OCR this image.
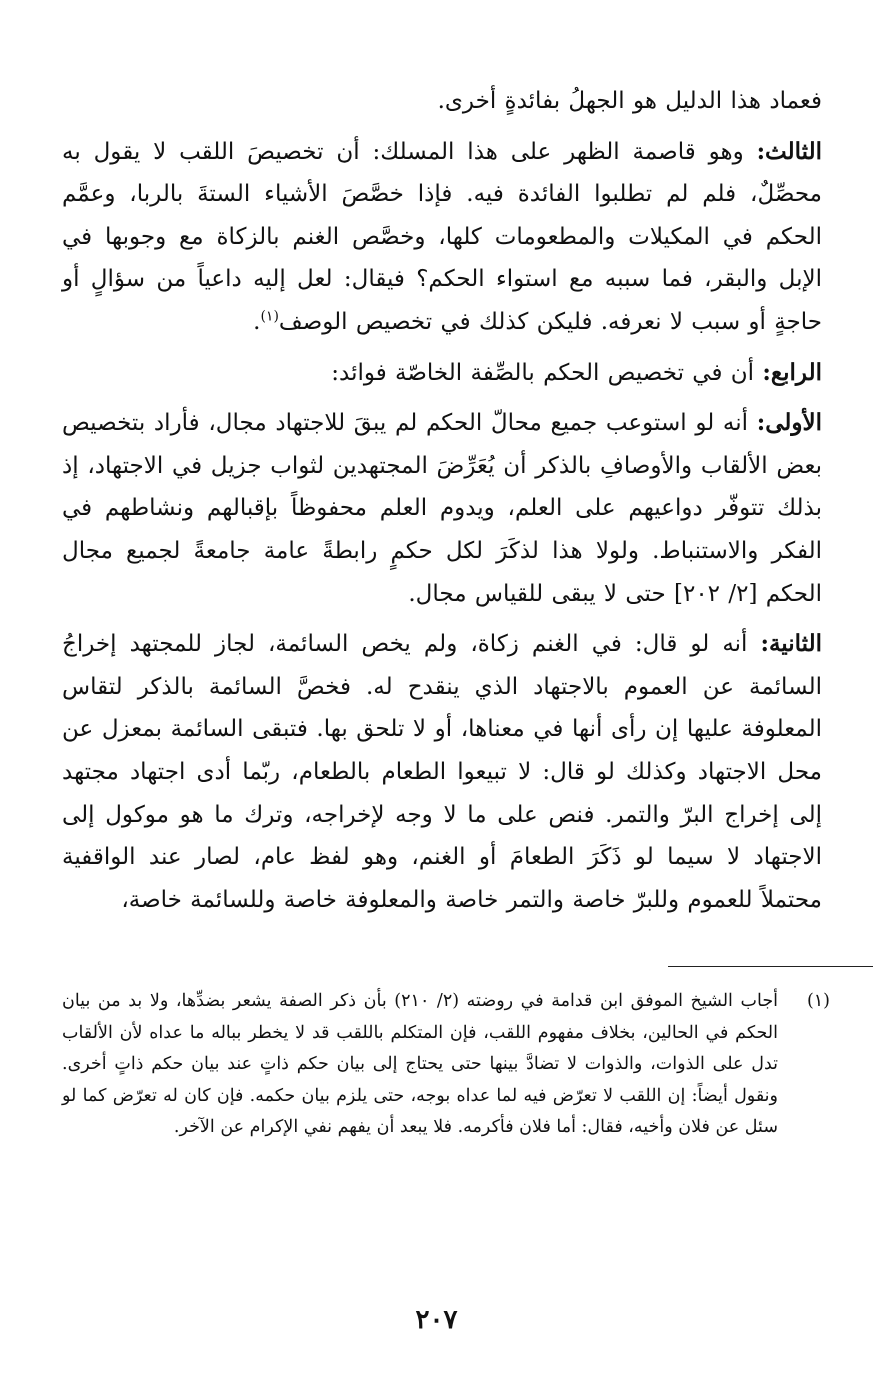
فعماد هذا الدليل هو الجهلُ بفائدةٍ أخرى.

الثالث: وهو قاصمة الظهر على هذا المسلك: أن تخصيصَ اللقب لا يقول به محصِّلٌ، فلم لم تطلبوا الفائدة فيه. فإذا خصَّصَ الأشياء الستةَ بالربا، وعمَّم الحكم في المكيلات والمطعومات كلها، وخصَّص الغنم بالزكاة مع وجوبها في الإبل والبقر، فما سببه مع استواء الحكم؟ فيقال: لعل إليه داعياً من سؤالٍ أو حاجةٍ أو سبب لا نعرفه. فليكن كذلك في تخصيص الوصف$^{(١)}$.

الرابع: أن في تخصيص الحكم بالصِّفة الخاصّة فوائد:

الأولى: أنه لو استوعب جميع محالّ الحكم لم يبقَ للاجتهاد مجال، فأراد بتخصيص بعض الألقاب والأوصافِ بالذكر أن يُعَرِّضَ المجتهدين لثواب جزيل في الاجتهاد، إذ بذلك تتوفّر دواعيهم على العلم، ويدوم العلم محفوظاً بإقبالهم ونشاطهم في الفكر والاستنباط. ولولا هذا لذكَرَ لكل حكمٍ رابطةً عامة جامعةً لجميع مجال الحكم [٢/ ٢٠٢] حتى لا يبقى للقياس مجال.

الثانية: أنه لو قال: في الغنم زكاة، ولم يخص السائمة، لجاز للمجتهد إخراجُ السائمة عن العموم بالاجتهاد الذي ينقدح له. فخصَّ السائمة بالذكر لتقاس المعلوفة عليها إن رأى أنها في معناها، أو لا تلحق بها. فتبقى السائمة بمعزل عن محل الاجتهاد وكذلك لو قال: لا تبيعوا الطعام بالطعام، ربّما أدى اجتهاد مجتهد إلى إخراج البرّ والتمر. فنص على ما لا وجه لإخراجه، وترك ما هو موكول إلى الاجتهاد لا سيما لو ذَكَرَ الطعامَ أو الغنم، وهو لفظ عام، لصار عند الواقفية محتملاً للعموم وللبرّ خاصة والتمر خاصة والمعلوفة خاصة وللسائمة خاصة،

(١)
أجاب الشيخ الموفق ابن قدامة في روضته (٢/ ٢١٠) بأن ذكر الصفة يشعر بضدِّها، ولا بد من بيان الحكم في الحالين، بخلاف مفهوم اللقب، فإن المتكلم باللقب قد لا يخطر بباله ما عداه لأن الألقاب تدل على الذوات، والذوات لا تضادَّ بينها حتى يحتاج إلى بيان حكم ذاتٍ عند بيان حكم ذاتٍ أخرى. ونقول أيضاً: إن اللقب لا تعرّض فيه لما عداه بوجه، حتى يلزم بيان حكمه. فإن كان له تعرّض كما لو سئل عن فلان وأخيه، فقال: أما فلان فأكرمه. فلا يبعد أن يفهم نفي الإكرام عن الآخر.
٢٠٧
